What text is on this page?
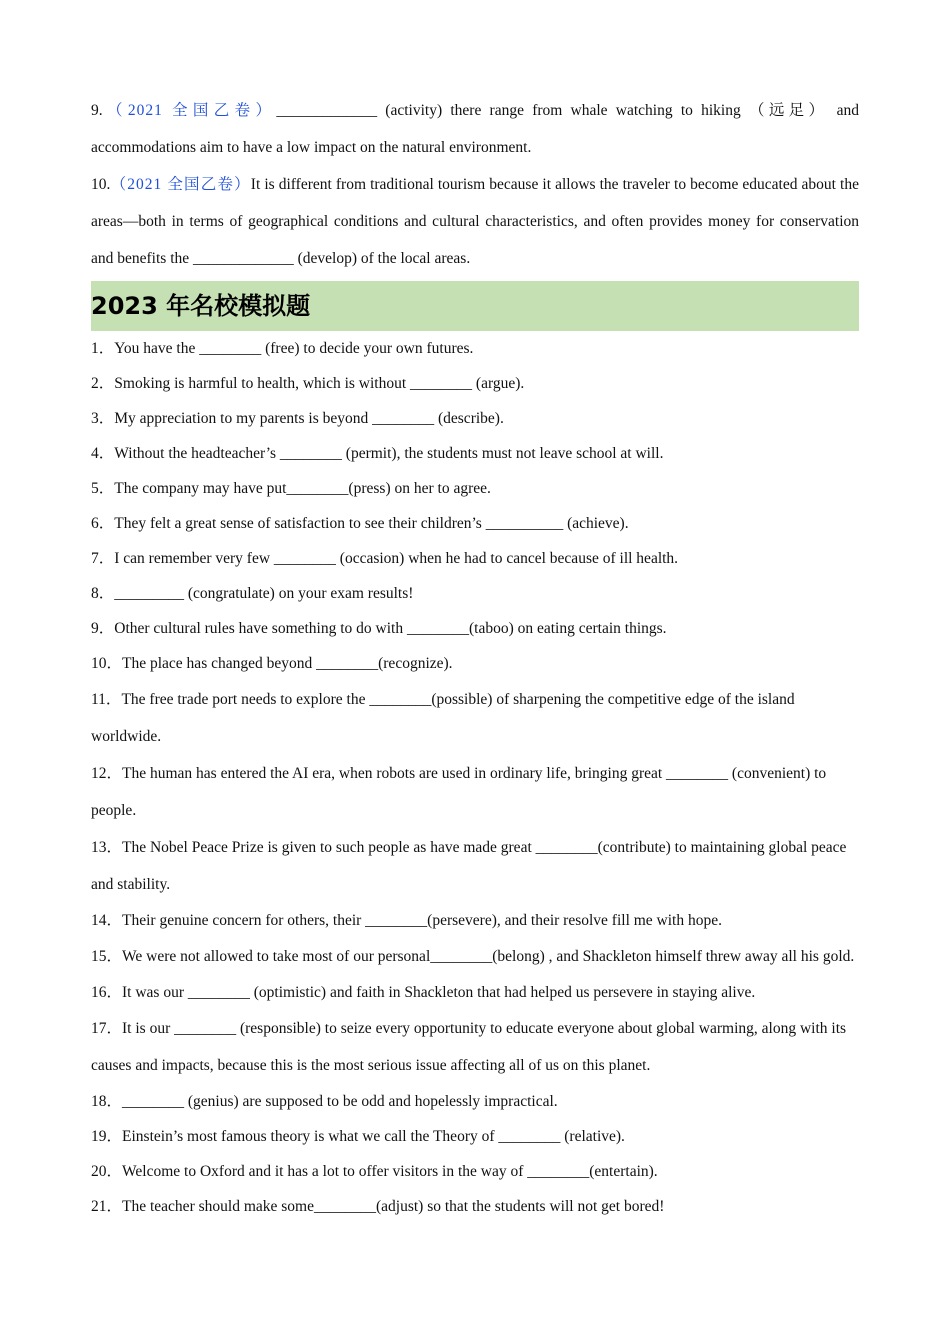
9.（2021 全国乙卷）_____________ (activity) there range from whale watching to hiking （远足） and accommodations aim to have a low impact on the natural environment.

10.（2021 全国乙卷）It is different from traditional tourism because it allows the traveler to become educated about the areas—both in terms of geographical conditions and cultural characteristics, and often provides money for conservation and benefits the _____________ (develop) of the local areas.

2023 年名校模拟题

1．You have the ________ (free) to decide your own futures.

2．Smoking is harmful to health, which is without ________ (argue).

3．My appreciation to my parents is beyond ________ (describe).

4．Without the headteacher’s ________ (permit), the students must not leave school at will.

5．The company may have put________(press) on her to agree.

6．They felt a great sense of satisfaction to see their children’s __________ (achieve).

7．I can remember very few ________ (occasion) when he had to cancel because of ill health.

8．_________ (congratulate) on your exam results!

9．Other cultural rules have something to do with ________(taboo) on eating certain things.

10．The place has changed beyond ________(recognize).

11．The free trade port needs to explore the ________(possible) of sharpening the competitive edge of the island worldwide.

12．The human has entered the AI era, when robots are used in ordinary life, bringing great ________ (convenient) to people.

13．The Nobel Peace Prize is given to such people as have made great ________(contribute) to maintaining global peace and stability.

14．Their genuine concern for others, their ________(persevere), and their resolve fill me with hope.

15．We were not allowed to take most of our personal________(belong) , and Shackleton himself threw away all his gold.

16．It was our ________ (optimistic) and faith in Shackleton that had helped us persevere in staying alive.

17．It is our ________ (responsible) to seize every opportunity to educate everyone about global warming, along with its causes and impacts, because this is the most serious issue affecting all of us on this planet.

18．________ (genius) are supposed to be odd and hopelessly impractical.

19．Einstein’s most famous theory is what we call the Theory of ________ (relative).

20．Welcome to Oxford and it has a lot to offer visitors in the way of ________(entertain).

21．The teacher should make some________(adjust) so that the students will not get bored!
